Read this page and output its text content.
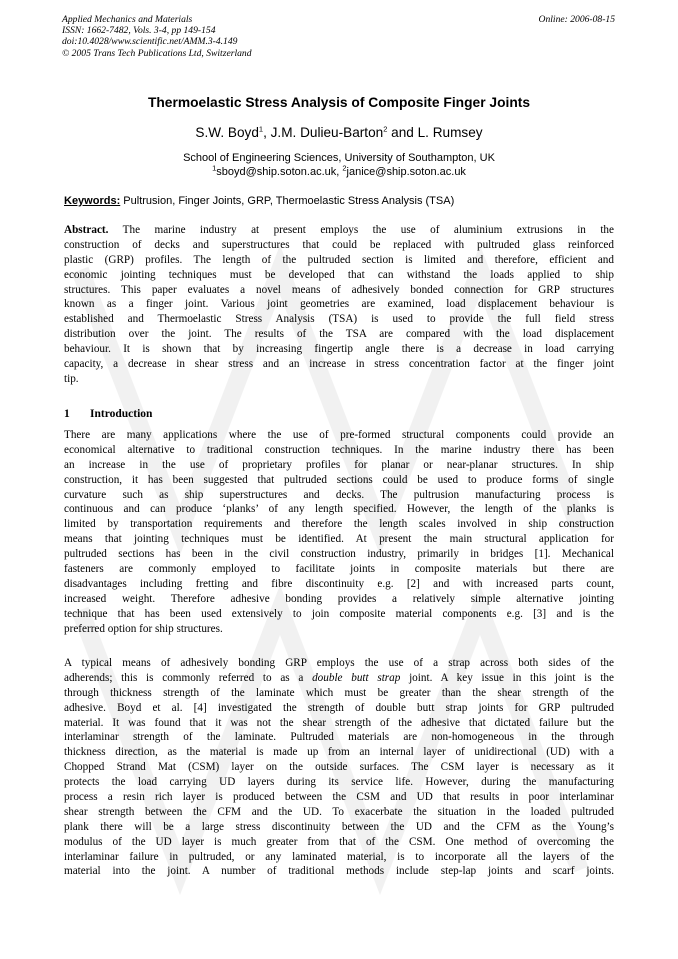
Applied Mechanics and Materials
ISSN: 1662-7482, Vols. 3-4, pp 149-154
doi:10.4028/www.scientific.net/AMM.3-4.149
© 2005 Trans Tech Publications Ltd, Switzerland
Online: 2006-08-15
Thermoelastic Stress Analysis of Composite Finger Joints
S.W. Boyd$^1$, J.M. Dulieu-Barton$^2$ and L. Rumsey
School of Engineering Sciences, University of Southampton, UK
$^1$sboyd@ship.soton.ac.uk, $^2$janice@ship.soton.ac.uk
Keywords: Pultrusion, Finger Joints, GRP, Thermoelastic Stress Analysis (TSA)
Abstract. The marine industry at present employs the use of aluminium extrusions in the
construction of decks and superstructures that could be replaced with pultruded glass reinforced
plastic (GRP) profiles. The length of the pultruded section is limited and therefore, efficient and
economic jointing techniques must be developed that can withstand the loads applied to ship
structures. This paper evaluates a novel means of adhesively bonded connection for GRP structures
known as a finger joint. Various joint geometries are examined, load displacement behaviour is
established and Thermoelastic Stress Analysis (TSA) is used to provide the full field stress
distribution over the joint. The results of the TSA are compared with the load displacement
behaviour. It is shown that by increasing fingertip angle there is a decrease in load carrying
capacity, a decrease in shear stress and an increase in stress concentration factor at the finger joint
tip.
1 Introduction
There are many applications where the use of pre-formed structural components could provide an
economical alternative to traditional construction techniques. In the marine industry there has been
an increase in the use of proprietary profiles for planar or near-planar structures. In ship
construction, it has been suggested that pultruded sections could be used to produce forms of single
curvature such as ship superstructures and decks. The pultrusion manufacturing process is
continuous and can produce ‘planks’ of any length specified. However, the length of the planks is
limited by transportation requirements and therefore the length scales involved in ship construction
means that jointing techniques must be identified. At present the main structural application for
pultruded sections has been in the civil construction industry, primarily in bridges [1]. Mechanical
fasteners are commonly employed to facilitate joints in composite materials but there are
disadvantages including fretting and fibre discontinuity e.g. [2] and with increased parts count,
increased weight. Therefore adhesive bonding provides a relatively simple alternative jointing
technique that has been used extensively to join composite material components e.g. [3] and is the
preferred option for ship structures.
A typical means of adhesively bonding GRP employs the use of a strap across both sides of the
adherends; this is commonly referred to as a double butt strap joint. A key issue in this joint is the
through thickness strength of the laminate which must be greater than the shear strength of the
adhesive. Boyd et al. [4] investigated the strength of double butt strap joints for GRP pultruded
material. It was found that it was not the shear strength of the adhesive that dictated failure but the
interlaminar strength of the laminate. Pultruded materials are non-homogeneous in the through
thickness direction, as the material is made up from an internal layer of unidirectional (UD) with a
Chopped Strand Mat (CSM) layer on the outside surfaces. The CSM layer is necessary as it
protects the load carrying UD layers during its service life. However, during the manufacturing
process a resin rich layer is produced between the CSM and UD that results in poor interlaminar
shear strength between the CFM and the UD. To exacerbate the situation in the loaded pultruded
plank there will be a large stress discontinuity between the UD and the CFM as the Young’s
modulus of the UD layer is much greater from that of the CSM. One method of overcoming the
interlaminar failure in pultruded, or any laminated material, is to incorporate all the layers of the
material into the joint. A number of traditional methods include step-lap joints and scarf joints.
